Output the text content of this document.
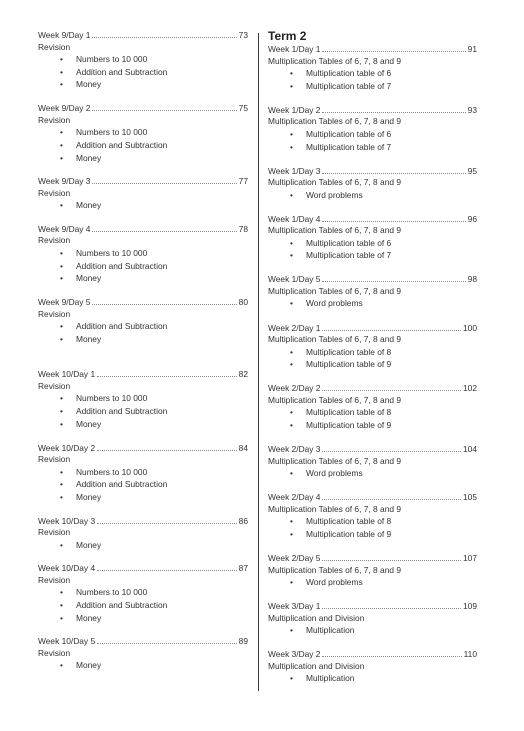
Week 9/Day 1	73
Revision
• Numbers to 10 000
• Addition and Subtraction
• Money
Week 9/Day 2	75
Revision
• Numbers to 10 000
• Addition and Subtraction
• Money
Week 9/Day 3	77
Revision
• Money
Week 9/Day 4	78
Revision
• Numbers to 10 000
• Addition and Subtraction
• Money
Week 9/Day 5	80
Revision
• Addition and Subtraction
• Money
Week 10/Day 1	82
Revision
• Numbers to 10 000
• Addition and Subtraction
• Money
Week 10/Day 2	84
Revision
• Numbers to 10 000
• Addition and Subtraction
• Money
Week 10/Day 3	86
Revision
• Money
Week 10/Day 4	87
Revision
• Numbers to 10 000
• Addition and Subtraction
• Money
Week 10/Day 5	89
Revision
• Money
Term 2
Week 1/Day 1	91
Multiplication Tables of 6, 7, 8 and 9
• Multiplication table of 6
• Multiplication table of 7
Week 1/Day 2	93
Multiplication Tables of 6, 7, 8 and 9
• Multiplication table of 6
• Multiplication table of 7
Week 1/Day 3	95
Multiplication Tables of 6, 7, 8 and 9
• Word problems
Week 1/Day 4	96
Multiplication Tables of 6, 7, 8 and 9
• Multiplication table of 6
• Multiplication table of 7
Week 1/Day 5	98
Multiplication Tables of 6, 7, 8 and 9
• Word problems
Week 2/Day 1	100
Multiplication Tables of 6, 7, 8 and 9
• Multiplication table of 8
• Multiplication table of 9
Week 2/Day 2	102
Multiplication Tables of 6, 7, 8 and 9
• Multiplication table of 8
• Multiplication table of 9
Week 2/Day 3	104
Multiplication Tables of 6, 7, 8 and 9
• Word problems
Week 2/Day 4	105
Multiplication Tables of 6, 7, 8 and 9
• Multiplication table of 8
• Multiplication table of 9
Week 2/Day 5	107
Multiplication Tables of 6, 7, 8 and 9
• Word problems
Week 3/Day 1	109
Multiplication and Division
• Multiplication
Week 3/Day 2	110
Multiplication and Division
• Multiplication
